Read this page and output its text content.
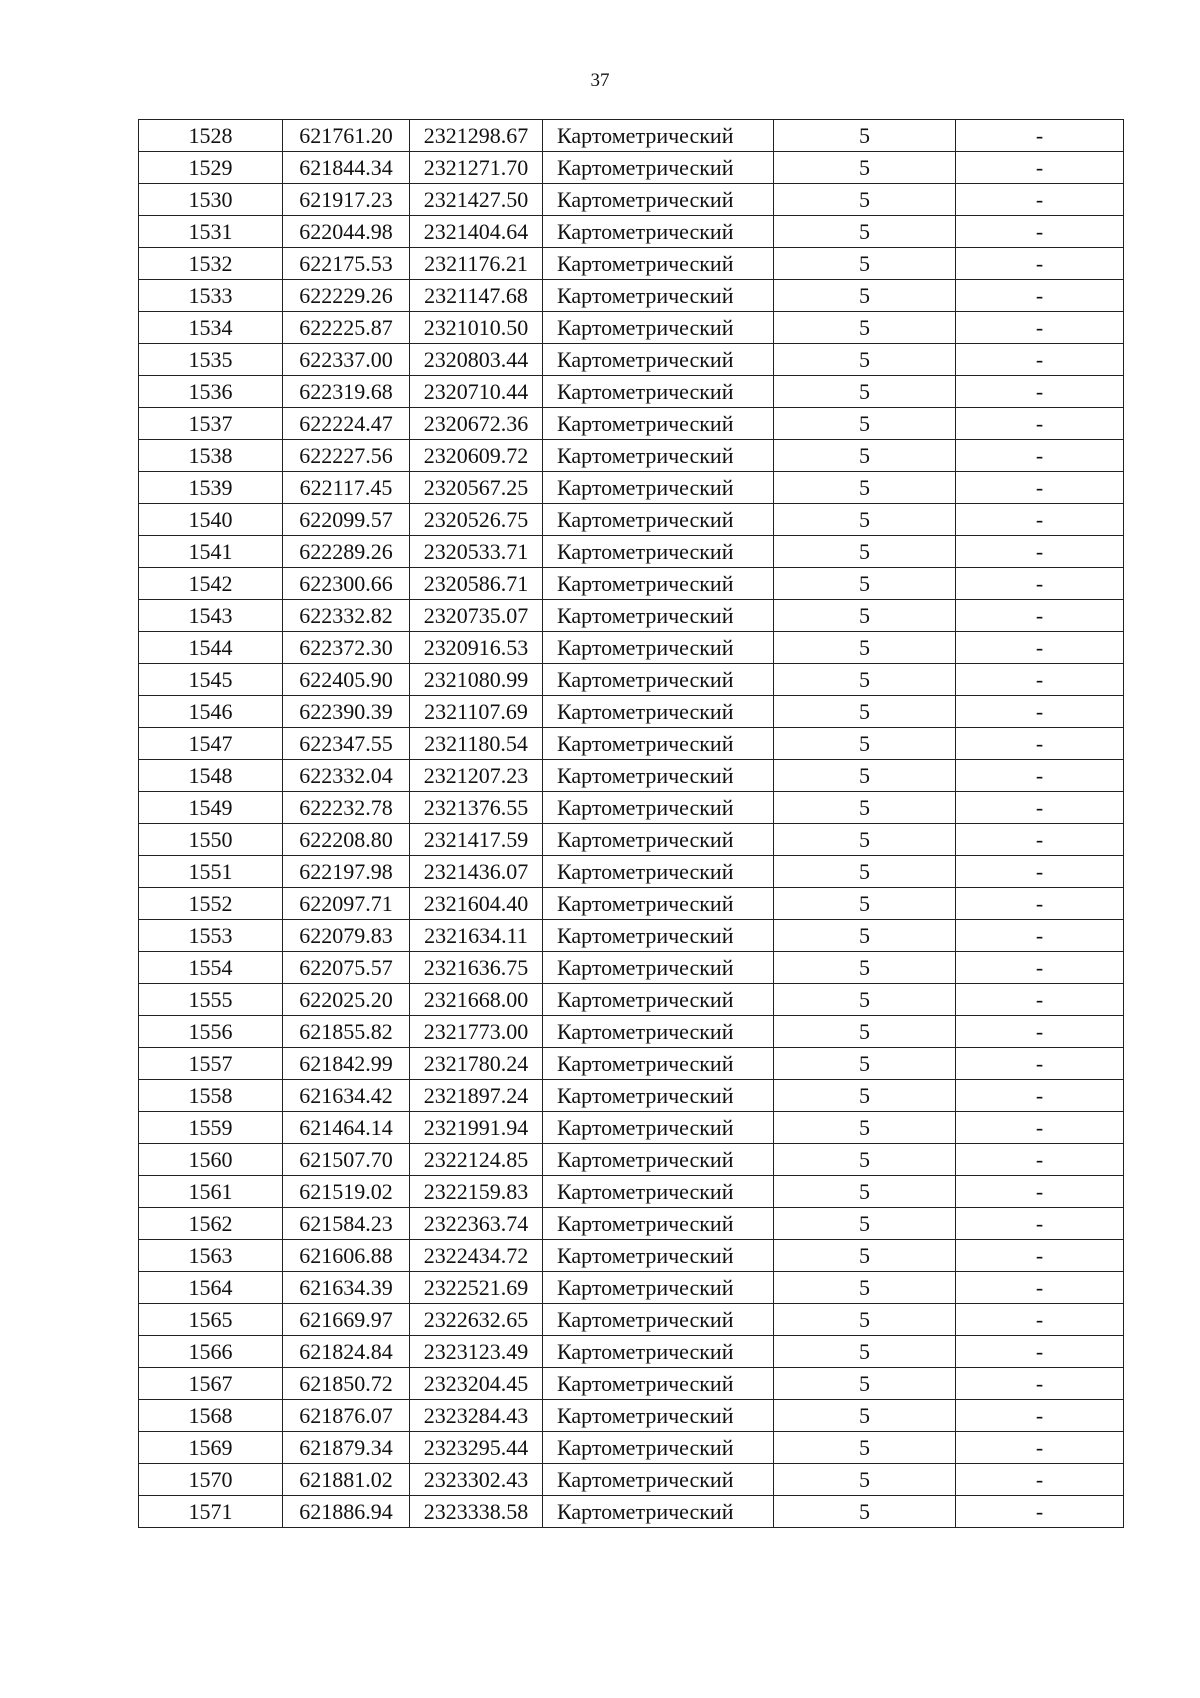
37
1528	621761.20	2321298.67	Картометрический	5	-
1529	621844.34	2321271.70	Картометрический	5	-
1530	621917.23	2321427.50	Картометрический	5	-
1531	622044.98	2321404.64	Картометрический	5	-
1532	622175.53	2321176.21	Картометрический	5	-
1533	622229.26	2321147.68	Картометрический	5	-
1534	622225.87	2321010.50	Картометрический	5	-
1535	622337.00	2320803.44	Картометрический	5	-
1536	622319.68	2320710.44	Картометрический	5	-
1537	622224.47	2320672.36	Картометрический	5	-
1538	622227.56	2320609.72	Картометрический	5	-
1539	622117.45	2320567.25	Картометрический	5	-
1540	622099.57	2320526.75	Картометрический	5	-
1541	622289.26	2320533.71	Картометрический	5	-
1542	622300.66	2320586.71	Картометрический	5	-
1543	622332.82	2320735.07	Картометрический	5	-
1544	622372.30	2320916.53	Картометрический	5	-
1545	622405.90	2321080.99	Картометрический	5	-
1546	622390.39	2321107.69	Картометрический	5	-
1547	622347.55	2321180.54	Картометрический	5	-
1548	622332.04	2321207.23	Картометрический	5	-
1549	622232.78	2321376.55	Картометрический	5	-
1550	622208.80	2321417.59	Картометрический	5	-
1551	622197.98	2321436.07	Картометрический	5	-
1552	622097.71	2321604.40	Картометрический	5	-
1553	622079.83	2321634.11	Картометрический	5	-
1554	622075.57	2321636.75	Картометрический	5	-
1555	622025.20	2321668.00	Картометрический	5	-
1556	621855.82	2321773.00	Картометрический	5	-
1557	621842.99	2321780.24	Картометрический	5	-
1558	621634.42	2321897.24	Картометрический	5	-
1559	621464.14	2321991.94	Картометрический	5	-
1560	621507.70	2322124.85	Картометрический	5	-
1561	621519.02	2322159.83	Картометрический	5	-
1562	621584.23	2322363.74	Картометрический	5	-
1563	621606.88	2322434.72	Картометрический	5	-
1564	621634.39	2322521.69	Картометрический	5	-
1565	621669.97	2322632.65	Картометрический	5	-
1566	621824.84	2323123.49	Картометрический	5	-
1567	621850.72	2323204.45	Картометрический	5	-
1568	621876.07	2323284.43	Картометрический	5	-
1569	621879.34	2323295.44	Картометрический	5	-
1570	621881.02	2323302.43	Картометрический	5	-
1571	621886.94	2323338.58	Картометрический	5	-
